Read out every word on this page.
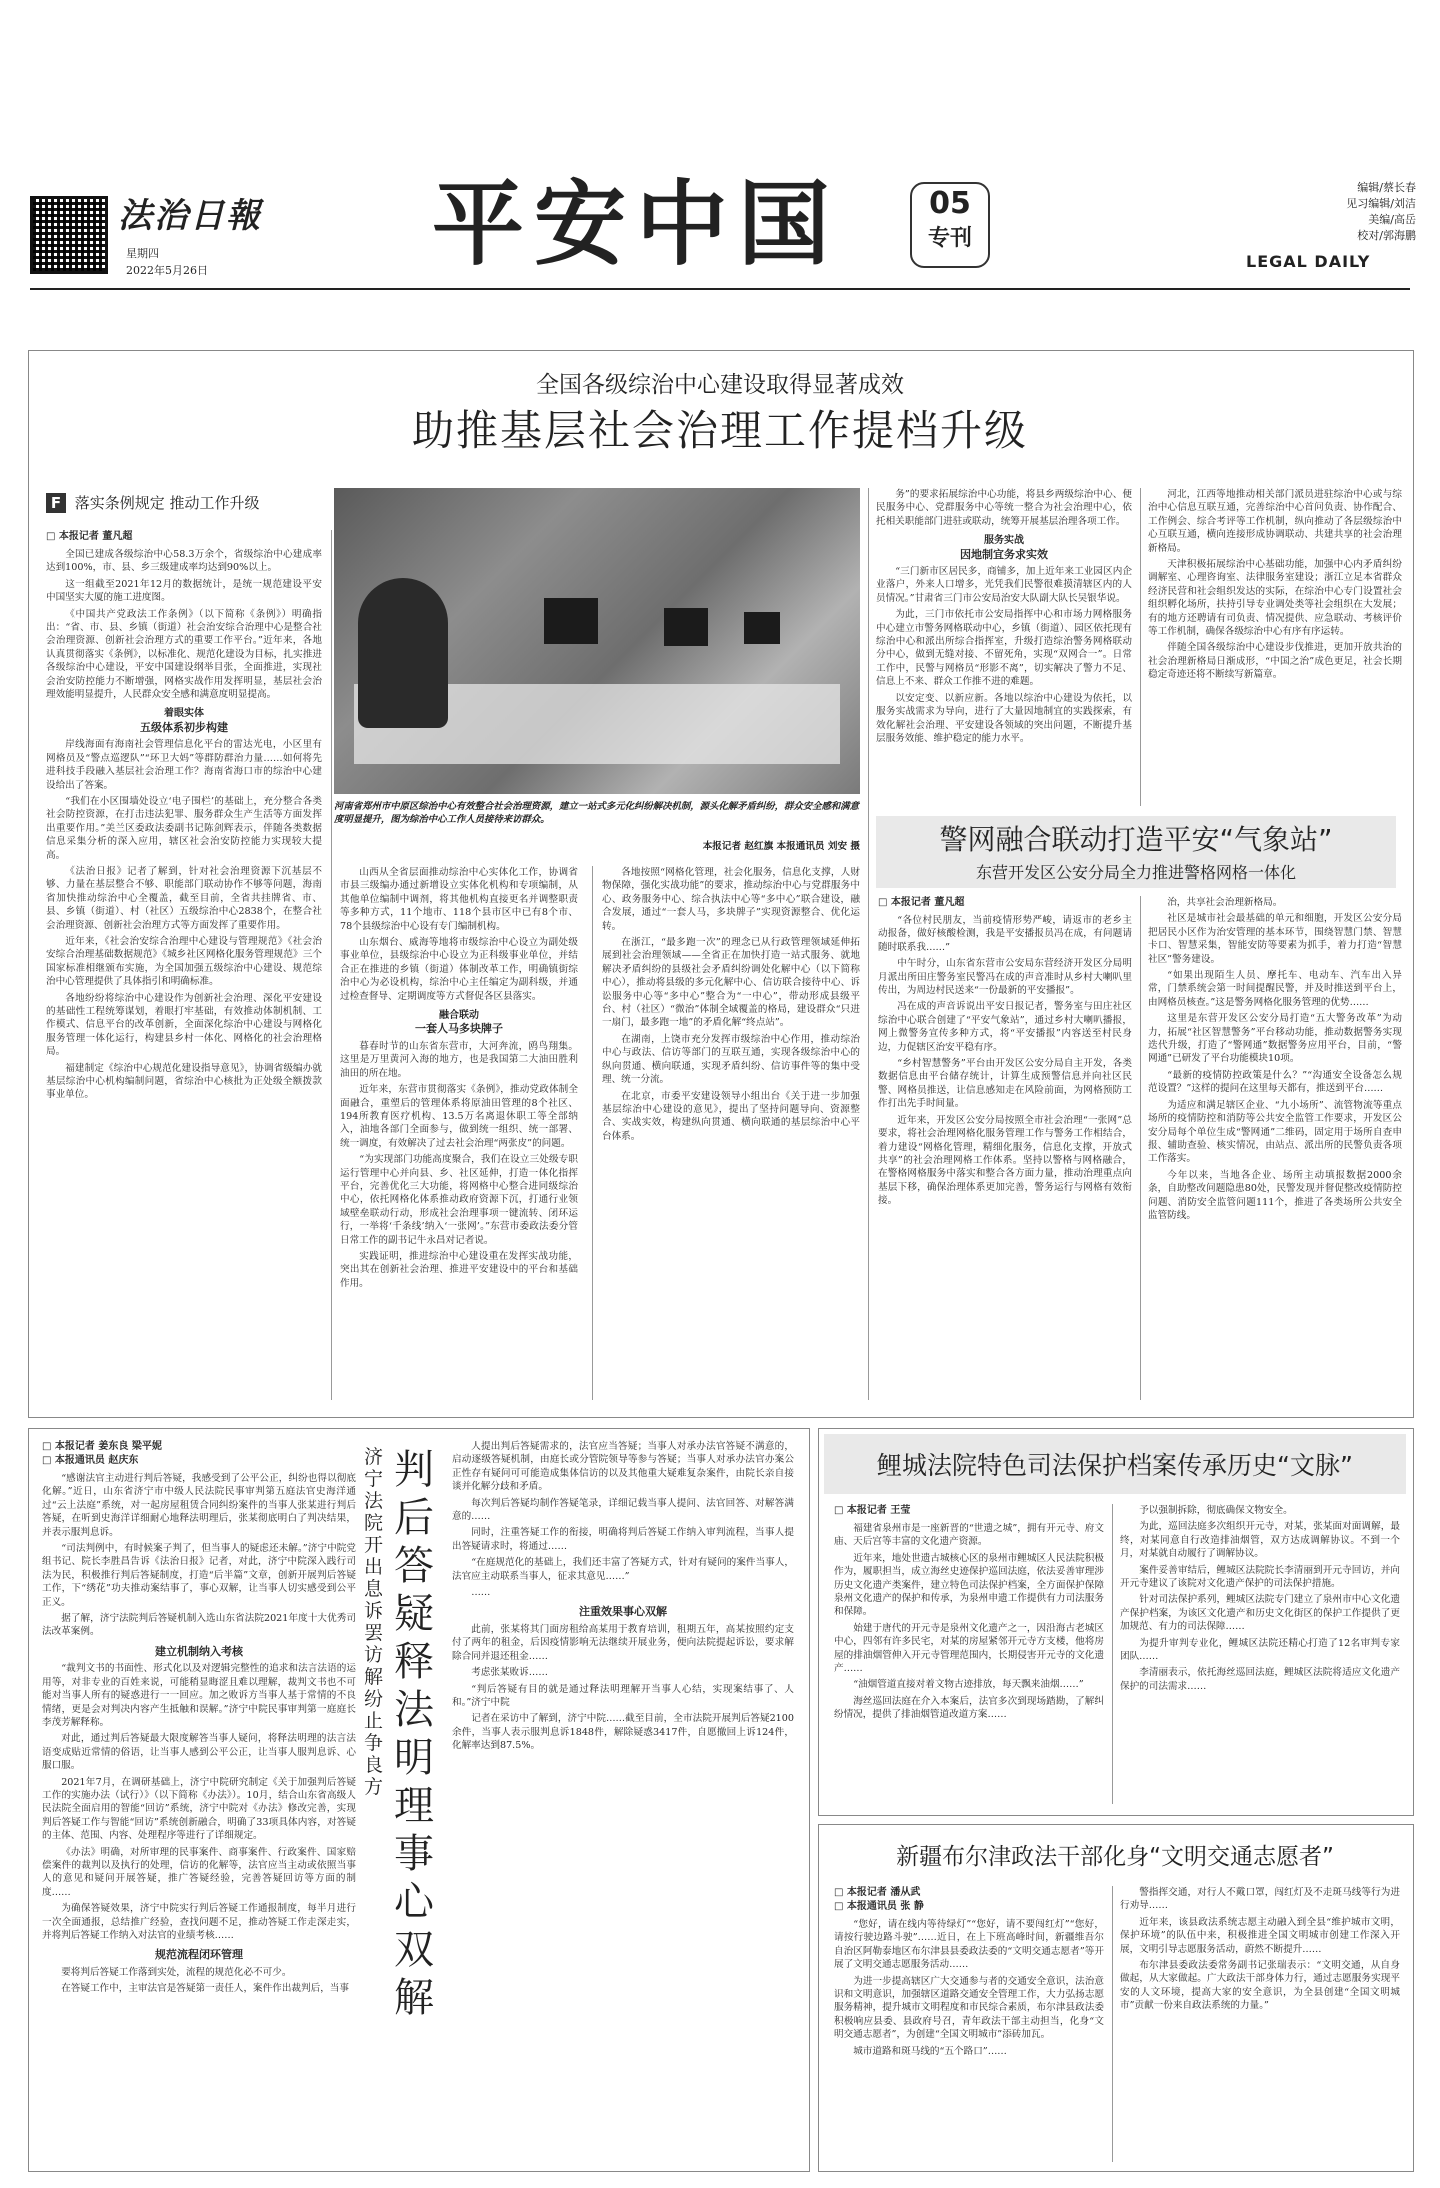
法治日報
星期四
2022年5月26日 平安中国	05
专刊
编辑/蔡长春
见习编辑/刘洁
美编/高岳
校对/郭海鹏
LEGAL DAILY
全国各级综治中心建设取得显著成效
助推基层社会治理工作提档升级
F 落实条例规定 推动工作升级
□ 本报记者 董凡超

全国已建成各级综治中心58.3万余个，省级综治中心建成率达到100%，市、县、乡三级建成率均达到90%以上。

这一组截至2021年12月的数据统计，是统一规范建设平安中国坚实大厦的施工进度图。

《中国共产党政法工作条例》（以下简称《条例》）明确指出：“省、市、县、乡镇（街道）社会治安综合治理中心是整合社会治理资源、创新社会治理方式的重要工作平台。”近年来，各地认真贯彻落实《条例》，以标准化、规范化建设为目标，扎实推进各级综治中心建设，平安中国建设纲举目张，全面推进，实现社会治安防控能力不断增强，网格实战作用发挥明显，基层社会治理效能明显提升，人民群众安全感和满意度明显提高。

着眼实体
五级体系初步构建

岸线海面有海南社会管理信息化平台的雷达光电，小区里有网格员及“警点巡逻队”“环卫大妈”等群防群治力量……如何将先进科技手段融入基层社会治理工作？海南省海口市的综治中心建设给出了答案。

“我们在小区围墙处设立‘电子围栏’的基础上，充分整合各类社会防控资源，在打击违法犯罪、服务群众生产生活等方面发挥出重要作用。”美兰区委政法委副书记陈剑辉表示，伴随各类数据信息采集分析的深入应用，辖区社会治安防控能力实现较大提高。

《法治日报》记者了解到，针对社会治理资源下沉基层不够、力量在基层整合不够、职能部门联动协作不够等问题，海南省加快推动综治中心全覆盖，截至目前，全省共挂牌省、市、县、乡镇（街道）、村（社区）五级综治中心2838个，在整合社会治理资源、创新社会治理方式等方面发挥了重要作用。

近年来，《社会治安综合治理中心建设与管理规范》《社会治安综合治理基础数据规范》《城乡社区网格化服务管理规范》三个国家标准相继颁布实施，为全国加强五级综治中心建设、规范综治中心管理提供了具体指引和明确标准。

各地纷纷将综治中心建设作为创新社会治理、深化平安建设的基础性工程统筹谋划，着眼打牢基础，有效推动体制机制、工作模式、信息平台的改革创新，全面深化综治中心建设与网格化服务管理一体化运行，构建县乡村一体化、网格化的社会治理格局。

福建制定《综治中心规范化建设指导意见》，协调省级编办就基层综治中心机构编制问题，省综治中心核批为正处级全额拨款事业单位。

河南省郑州市中原区综治中心有效整合社会治理资源，建立一站式多元化纠纷解决机制，源头化解矛盾纠纷，群众安全感和满意度明显提升，图为综治中心工作人员接待来访群众。
本报记者 赵红旗 本报通讯员 刘安 摄

山西从全省层面推动综治中心实体化工作，协调省市县三级编办通过新增设立实体化机构和专项编制，从其他单位编制中调剂，将其他机构直接更名并调整职责等多种方式，11个地市、118个县市区中已有8个市、78个县级综治中心设有专门编制机构。

山东烟台、威海等地将市级综治中心设立为副处级事业单位，县级综治中心设立为正科级事业单位，并结合正在推进的乡镇（街道）体制改革工作，明确镇街综治中心为必设机构，综治中心主任编定为副科级，并通过检查督导、定期调度等方式督促各区县落实。

融合联动
一套人马多块牌子

暮春时节的山东省东营市，大河奔流，鸥鸟翔集。这里是万里黄河入海的地方，也是我国第二大油田胜利油田的所在地。

近年来，东营市贯彻落实《条例》，推动党政体制全面融合，重塑后的管理体系将原油田管理的8个社区、194所教育医疗机构、13.5万名离退休职工等全部纳入，油地各部门全面参与，做到统一组织、统一部署、统一调度，有效解决了过去社会治理“两张皮”的问题。

“为实现部门功能高度聚合，我们在设立三处级专职运行管理中心并向县、乡、社区延伸，打造一体化指挥平台，完善优化三大功能，将网格中心整合进同级综治中心，依托网格化体系推动政府资源下沉，打通行业领域壁垒联动行动，形成社会治理事项一键流转、闭环运行，一举将‘千条线’纳入‘一张网’。”东营市委政法委分管日常工作的副书记牛永昌对记者说。

实践证明，推进综治中心建设重在发挥实战功能，突出其在创新社会治理、推进平安建设中的平台和基础作用。

各地按照“网格化管理，社会化服务，信息化支撑，人财物保障，强化实战功能”的要求，推动综治中心与党群服务中心、政务服务中心、综合执法中心等“多中心”联合建设，融合发展，通过“一套人马，多块牌子”实现资源整合、优化运转。

在浙江，“最多跑一次”的理念已从行政管理领域延伸拓展到社会治理领域——全省正在加快打造一站式服务、就地解决矛盾纠纷的县级社会矛盾纠纷调处化解中心（以下简称中心），推动将县级的多元化解中心、信访联合接待中心、诉讼服务中心等“多中心”整合为“一中心”，带动形成县级平台、村（社区）“微治”体制全域覆盖的格局，建设群众“只进一扇门，最多跑一地”的矛盾化解“终点站”。

在湖南，上饶市充分发挥市级综治中心作用，推动综治中心与政法、信访等部门的互联互通，实现各级综治中心的纵向贯通、横向联通，实现矛盾纠纷、信访事件等的集中受理、统一分流。

在北京，市委平安建设领导小组出台《关于进一步加强基层综治中心建设的意见》，提出了坚持问题导向、资源整合、实战实效，构建纵向贯通、横向联通的基层综治中心平台体系。

务”的要求拓展综治中心功能，将县乡两级综治中心、便民服务中心、党群服务中心等统一整合为社会治理中心，依托相关职能部门进驻或联动，统筹开展基层治理各项工作。

服务实战
因地制宜务求实效

“三门新市区居民多，商铺多，加上近年来工业园区内企业落户，外来人口增多，光凭我们民警很难摸清辖区内的人员情况。”甘肃省三门市公安局治安大队副大队长吴银华说。

为此，三门市依托市公安局指挥中心和市场力网格服务中心建立市警务网格联动中心，乡镇（街道）、园区依托现有综治中心和派出所综合指挥室，升级打造综治警务网格联动分中心，做到无缝对接、不留死角，实现“双网合一”。日常工作中，民警与网格员“形影不离”，切实解决了警力不足、信息上不来、群众工作推不进的难题。

以安定变、以新应新。各地以综治中心建设为依托，以服务实战需求为导向，进行了大量因地制宜的实践探索，有效化解社会治理、平安建设各领域的突出问题，不断提升基层服务效能、维护稳定的能力水平。

河北，江西等地推动相关部门派员进驻综治中心或与综治中心信息互联互通，完善综治中心首问负责、协作配合、工作例会、综合考评等工作机制，纵向推动了各层级综治中心互联互通，横向连接形成协调联动、共建共享的社会治理新格局。

天津积极拓展综治中心基础功能，加强中心内矛盾纠纷调解室、心理咨询室、法律服务室建设；浙江立足本省群众经济民营和社会组织发达的实际，在综治中心专门设置社会组织孵化场所，扶持引导专业调处类等社会组织在大发展；有的地方还聘请有司负责、情况提供、应急联动、考核评价等工作机制，确保各级综治中心有序有序运转。

伴随全国各级综治中心建设步伐推进，更加开放共治的社会治理新格局日渐成形，“中国之治”成色更足，社会长期稳定奇迹还将不断续写新篇章。

警网融合联动打造平安“气象站”
东营开发区公安分局全力推进警格网格一体化
□ 本报记者 董凡超

“各位村民朋友，当前疫情形势严峻，请返市的老乡主动报备，做好核酸检测，我是平安播报员冯在成，有问题请随时联系我……”

中午时分，山东省东营市公安局东营经济开发区分局明月派出所田庄警务室民警冯在成的声音准时从乡村大喇叭里传出，为周边村民送来“一份最新的平安播报”。

冯在成的声音诉说出平安日报记者，警务室与田庄社区综治中心联合创建了“平安气象站”，通过乡村大喇叭播报，网上微警务宣传多种方式，将“平安播报”内容送至村民身边，力促辖区治安平稳有序。

“乡村智慧警务”平台由开发区公安分局自主开发，各类数据信息由平台储存统计，计算生成预警信息并向社区民警、网格员推送，让信息感知走在风险前面，为网格预防工作打出先手时间量。

近年来，开发区公安分局按照全市社会治理“一张网”总要求，将社会治理网格化服务管理工作与警务工作相结合，着力建设“网格化管理，精细化服务，信息化支撑，开放式共享”的社会治理网格工作体系。坚持以警格与网格融合，在警格网格服务中落实和整合各方面力量，推动治理重点向基层下移，确保治理体系更加完善，警务运行与网格有效衔接。

治，共享社会治理新格局。

社区是城市社会最基础的单元和细胞，开发区公安分局把居民小区作为治安管理的基本环节，围绕智慧门禁、智慧卡口、智慧采集，智能安防等要素为抓手，着力打造“智慧社区”警务建设。

“如果出现陌生人员、摩托车、电动车、汽车出入异常，门禁系统会第一时间提醒民警，并及时推送到平台上，由网格员核查。”这是警务网格化服务管理的优势……

这里是东营开发区公安分局打造“五大警务改革”为动力，拓展“社区智慧警务”平台移动功能，推动数据警务实现迭代升级，打造了“警网通”数据警务应用平台，目前，“警网通”已研发了平台功能模块10项。

“最新的疫情防控政策是什么？”“沟通安全设备怎么规范设置？”这样的提问在这里每天都有，推送到平台……

为适应和满足辖区企业、“九小场所”、流管物流等重点场所的疫情防控和消防等公共安全监管工作要求，开发区公安分局每个单位生成“警网通”二维码，固定用于场所自查申报、辅助查验、核实情况，由站点、派出所的民警负责各项工作落实。

今年以来，当地各企业、场所主动填报数据2000余条，自助整改问题隐患80处，民警发现并督促整改疫情防控问题、消防安全监管问题111个，推进了各类场所公共安全监管防线。

□ 本报记者 姜东良 梁平妮
□ 本报通讯员 赵庆东

“感谢法官主动进行判后答疑，我感受到了公平公正，纠纷也得以彻底化解。”近日，山东省济宁市中级人民法院民事审判第五庭法官史海洋通过“云上法庭”系统，对一起房屋租赁合同纠纷案件的当事人张某进行判后答疑，在听到史海洋详细耐心地释法明理后，张某彻底明白了判决结果，并表示服判息诉。

“司法判例中，有时候案子判了，但当事人的疑虑还未解。”济宁中院党组书记、院长李胜昌告诉《法治日报》记者，对此，济宁中院深入践行司法为民，积极推行判后答疑制度，打造“后半篇”文章，创新开展判后答疑工作，下“绣花”功夫推动案结事了，事心双解，让当事人切实感受到公平正义。

据了解，济宁法院判后答疑机制入选山东省法院2021年度十大优秀司法改革案例。

建立机制纳入考核

“裁判文书的书面性、形式化以及对逻辑完整性的追求和法言法语的运用等，对非专业的百姓来说，可能稍显晦涩且难以理解，裁判文书也不可能对当事人所有的疑惑进行一一回应。加之败诉方当事人基于常情的不良情绪，更是会对判决内容产生抵触和误解。”济宁中院民事审判第一庭庭长李茂芳解释称。

对此，通过判后答疑最大限度解答当事人疑问，将释法明理的法言法语变成贴近常情的俗语，让当事人感到公平公正，让当事人服判息诉、心服口服。

2021年7月，在调研基础上，济宁中院研究制定《关于加强判后答疑工作的实施办法（试行）》（以下简称《办法》）。10月，结合山东省高级人民法院全面启用的智能“回访”系统，济宁中院对《办法》修改完善，实现判后答疑工作与智能“回访”系统创新融合，明确了33项具体内容，对答疑的主体、范围、内容、处理程序等进行了详细规定。

《办法》明确，对所审理的民事案件、商事案件、行政案件、国家赔偿案件的裁判以及执行的处理，信访的化解等，法官应当主动或依照当事人的意见和疑问开展答疑，推广答疑经验，完善答疑回访等方面的制度……

为确保答疑效果，济宁中院实行判后答疑工作通报制度，每半月进行一次全面通报，总结推广经验，查找问题不足，推动答疑工作走深走实，并将判后答疑工作纳入对法官的业绩考核……

规范流程闭环管理

要将判后答疑工作落到实处，流程的规范化必不可少。

在答疑工作中，主审法官是答疑第一责任人，案件作出裁判后，当事

济宁法院开出息诉罢访解纷止争良方
判后答疑释法明理事心双解

人提出判后答疑需求的，法官应当答疑；当事人对承办法官答疑不满意的，启动逐级答疑机制，由庭长或分管院领导等参与答疑；当事人对承办法官办案公正性存有疑问可可能造成集体信访的以及其他重大疑难复杂案件，由院长亲自接谈并化解分歧和矛盾。

每次判后答疑均制作答疑笔录，详细记载当事人提问、法官回答、对解答满意的……

同时，注重答疑工作的衔接，明确将判后答疑工作纳入审判流程，当事人提出答疑请求时，将通过……

“在庭规范化的基础上，我们还丰富了答疑方式，针对有疑问的案件当事人，法官应主动联系当事人，征求其意见……”

……

注重效果事心双解

此前，张某将其门面房租给高某用于教育培训，租期五年，高某按照约定支付了两年的租金，后因疫情影响无法继续开展业务，便向法院提起诉讼，要求解除合同并退还租金……

考虑张某败诉……

“判后答疑有目的就是通过释法明理解开当事人心结，实现案结事了、人和。”济宁中院

记者在采访中了解到，济宁中院……截至目前，全市法院开展判后答疑2100余件，当事人表示服判息诉1848件，解除疑惑3417件，自愿撤回上诉124件，化解率达到87.5%。

鲤城法院特色司法保护档案传承历史“文脉”
□ 本报记者 王莹

福建省泉州市是一座新晋的“世遗之城”，拥有开元寺、府文庙、天后宫等丰富的文化遗产资源。

近年来，地处世遗古城核心区的泉州市鲤城区人民法院积极作为，履职担当，成立海丝史迹保护巡回法庭，依法妥善审理涉历史文化遗产类案件，建立特色司法保护档案，全方面保护保障泉州文化遗产的保护和传承，为泉州申遗工作提供有力司法服务和保障。

始建于唐代的开元寺是泉州文化遗产之一，因沿海古老城区中心，四邻有许多民宅，对某的房屋紧邻开元寺方支楼，他将房屋的排油烟管伸入开元寺管理范围内，长期侵害开元寺的文化遗产……

“油烟管道直接对着文物古迹排放，每天飘来油烟……”

海丝巡回法庭在介入本案后，法官多次到现场踏勘，了解纠纷情况，提供了排油烟管道改道方案……

予以强制拆除，彻底确保文物安全。

为此，巡回法庭多次组织开元寺，对某，张某面对面调解，最终，对某同意自行改造排油烟管，双方达成调解协议。不到一个月，对某就自动履行了调解协议。

案件妥善审结后，鲤城区法院院长李清丽到开元寺回访，并向开元寺建议了该院对文化遗产保护的司法保护措施。

针对司法保护系列，鲤城区法院专门建立了泉州市中心文化遗产保护档案，为该区文化遗产和历史文化街区的保护工作提供了更加规范、有力的司法保障……

为提升审判专业化，鲤城区法院还精心打造了12名审判专家团队……

李清丽表示，依托海丝巡回法庭，鲤城区法院将适应文化遗产保护的司法需求……

新疆布尔津政法干部化身“文明交通志愿者”
□ 本报记者 潘从武
□ 本报通讯员 张 静

“您好，请在线内等待绿灯”“您好，请不要闯红灯”“您好，请按行驶边路斗驶”……近日，在上下班高峰时间，新疆维吾尔自治区阿勒泰地区布尔津县县委政法委的“文明交通志愿者”等开展了文明交通志愿服务活动……

为进一步提高辖区广大交通参与者的交通安全意识，法治意识和文明意识，加强辖区道路交通安全管理工作，大力弘扬志愿服务精神，提升城市文明程度和市民综合素质，布尔津县政法委积极响应县委、县政府号召，青年政法干部主动担当，化身“文明交通志愿者”，为创建“全国文明城市”添砖加瓦。

城市道路和斑马线的“五个路口”……

警指挥交通，对行人不戴口罩，闯红灯及不走斑马线等行为进行劝导……

近年来，该县政法系统志愿主动融入到全县“维护城市文明，保护环境”的队伍中来，积极推进全国文明城市创建工作深入开展，文明引导志愿服务活动，蔚然不断提升……

布尔津县委政法委常务副书记张瑞表示：“文明交通，从自身做起，从大家做起。广大政法干部身体力行，通过志愿服务实现平安的人文环境，提高大家的安全意识，为全县创建“全国文明城市”贡献一份来自政法系统的力量。”
